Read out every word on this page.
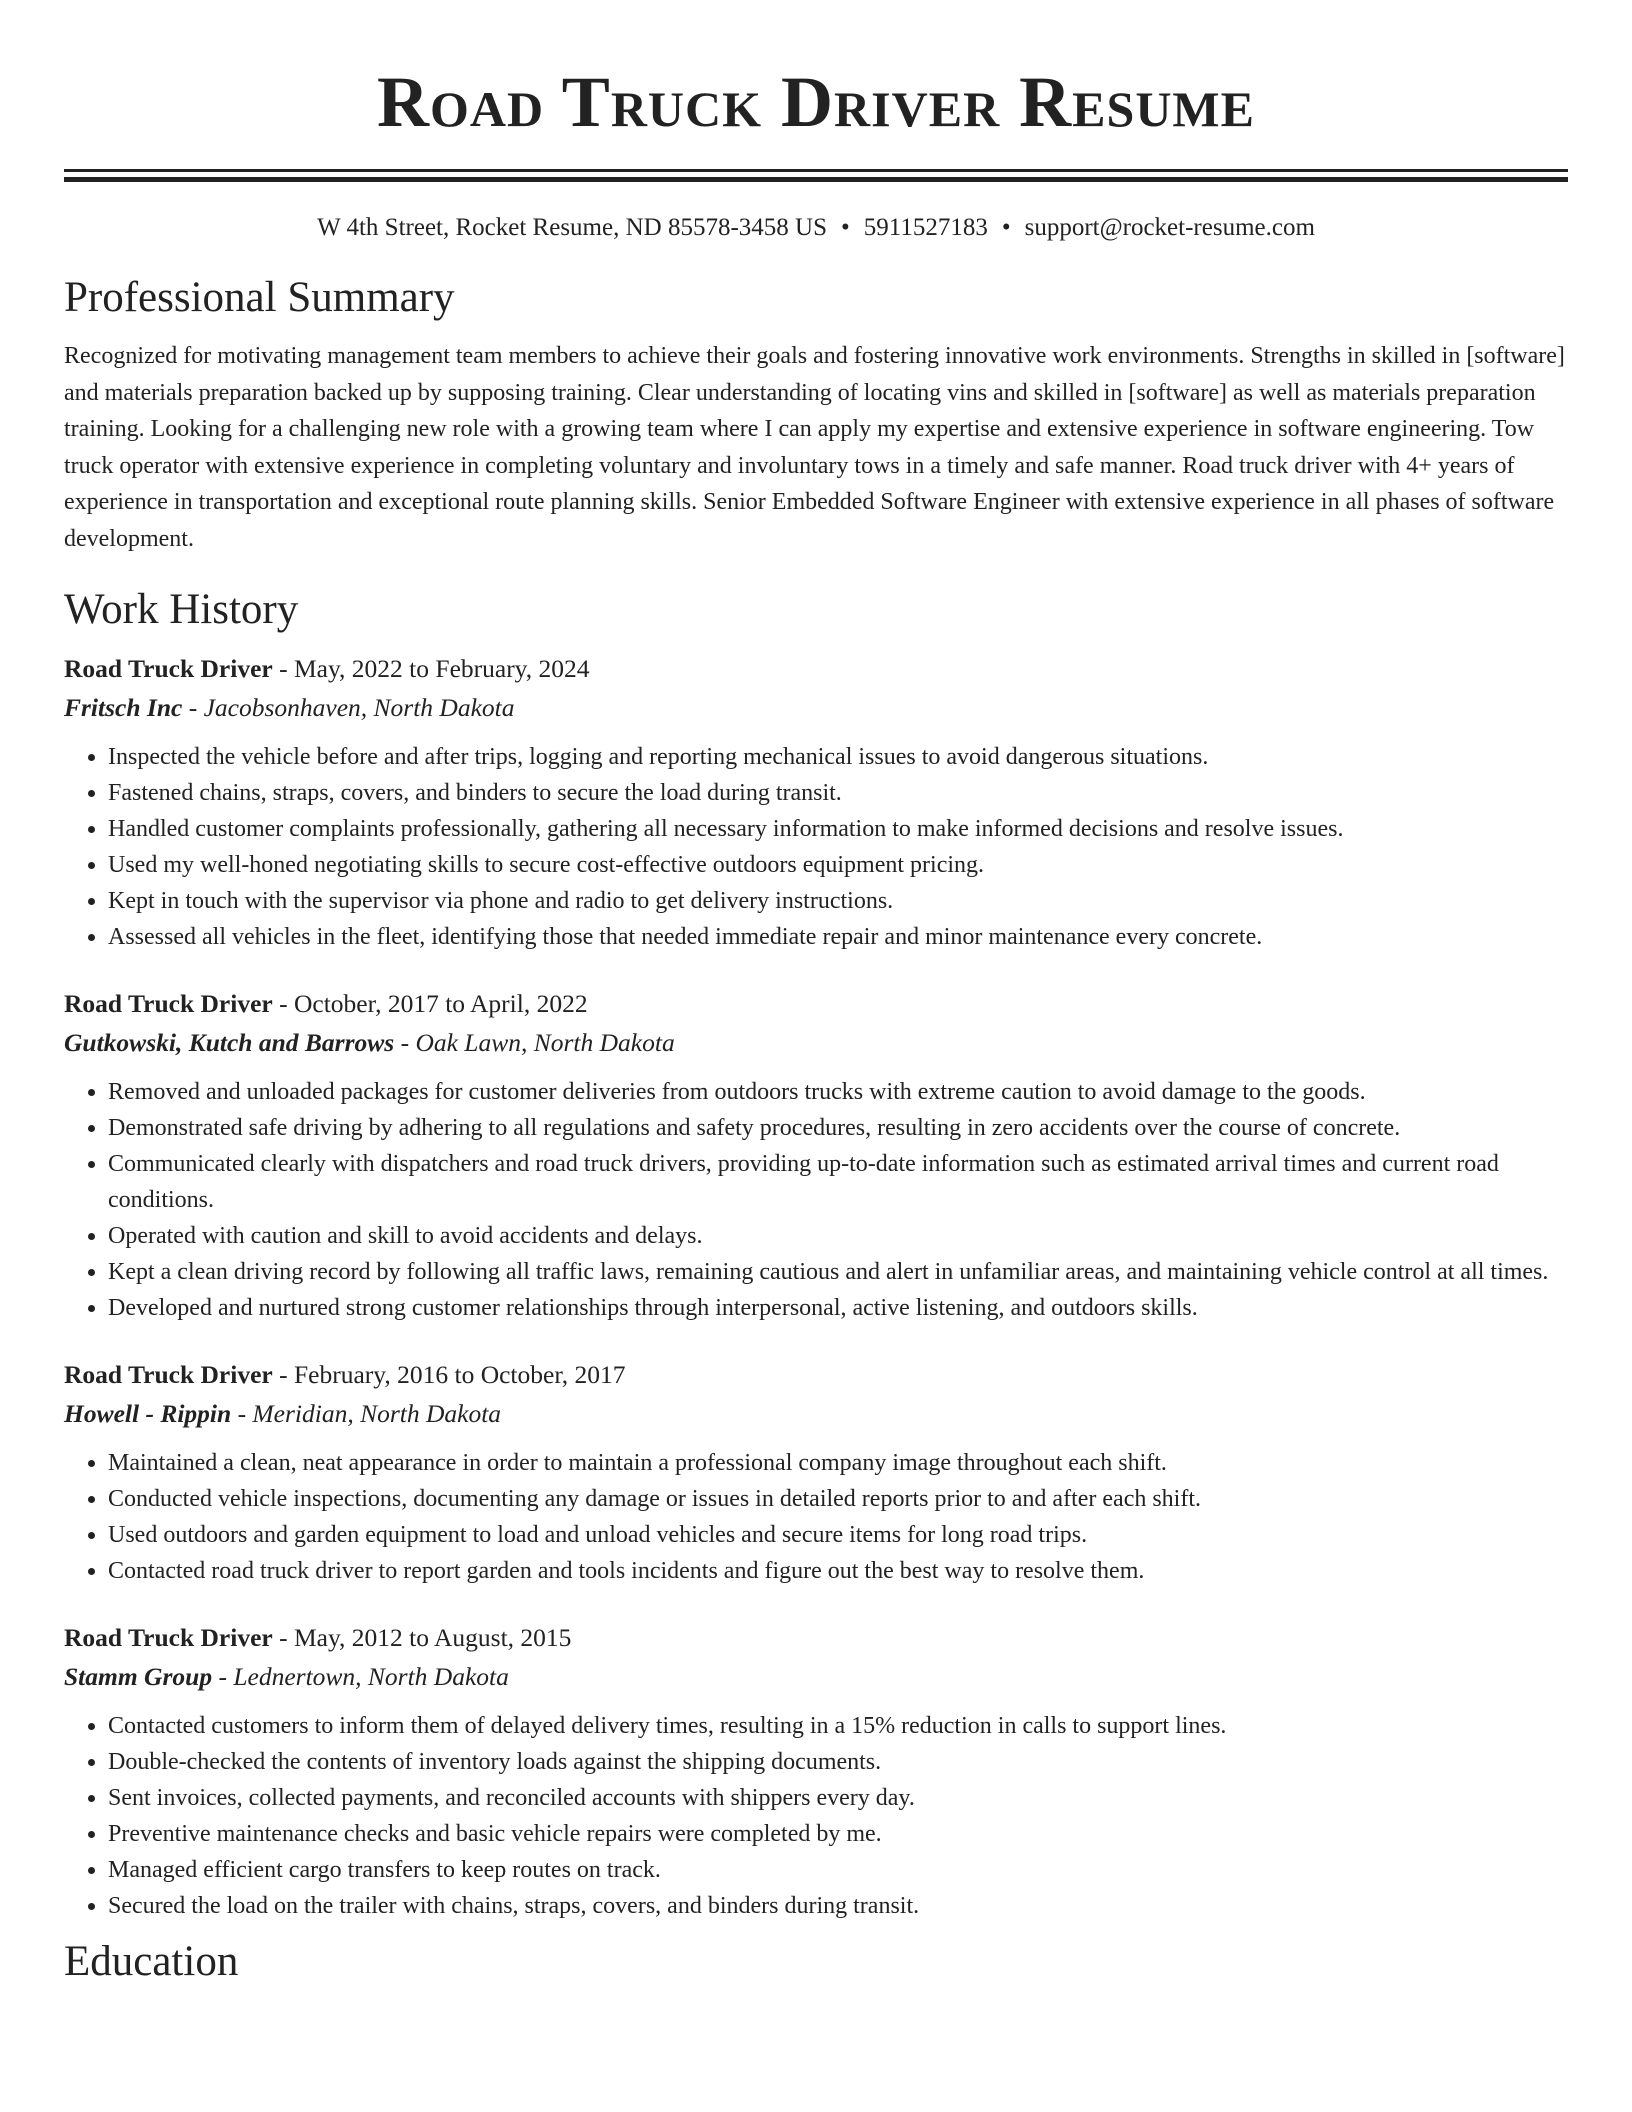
Road Truck Driver Resume
W 4th Street, Rocket Resume, ND 85578-3458 US • 5911527183 • support@rocket-resume.com
Professional Summary

Recognized for motivating management team members to achieve their goals and fostering innovative work environments. Strengths in skilled in [software] and materials preparation backed up by supposing training. Clear understanding of locating vins and skilled in [software] as well as materials preparation training. Looking for a challenging new role with a growing team where I can apply my expertise and extensive experience in software engineering. Tow truck operator with extensive experience in completing voluntary and involuntary tows in a timely and safe manner. Road truck driver with 4+ years of experience in transportation and exceptional route planning skills. Senior Embedded Software Engineer with extensive experience in all phases of software development.

Work History
Road Truck Driver - May, 2022 to February, 2024
Fritsch Inc - Jacobsonhaven, North Dakota
• Inspected the vehicle before and after trips, logging and reporting mechanical issues to avoid dangerous situations.
• Fastened chains, straps, covers, and binders to secure the load during transit.
• Handled customer complaints professionally, gathering all necessary information to make informed decisions and resolve issues.
• Used my well-honed negotiating skills to secure cost-effective outdoors equipment pricing.
• Kept in touch with the supervisor via phone and radio to get delivery instructions.
• Assessed all vehicles in the fleet, identifying those that needed immediate repair and minor maintenance every concrete.
Road Truck Driver - October, 2017 to April, 2022
Gutkowski, Kutch and Barrows - Oak Lawn, North Dakota
• Removed and unloaded packages for customer deliveries from outdoors trucks with extreme caution to avoid damage to the goods.
• Demonstrated safe driving by adhering to all regulations and safety procedures, resulting in zero accidents over the course of concrete.
• Communicated clearly with dispatchers and road truck drivers, providing up-to-date information such as estimated arrival times and current road conditions.
• Operated with caution and skill to avoid accidents and delays.
• Kept a clean driving record by following all traffic laws, remaining cautious and alert in unfamiliar areas, and maintaining vehicle control at all times.
• Developed and nurtured strong customer relationships through interpersonal, active listening, and outdoors skills.
Road Truck Driver - February, 2016 to October, 2017
Howell - Rippin - Meridian, North Dakota
• Maintained a clean, neat appearance in order to maintain a professional company image throughout each shift.
• Conducted vehicle inspections, documenting any damage or issues in detailed reports prior to and after each shift.
• Used outdoors and garden equipment to load and unload vehicles and secure items for long road trips.
• Contacted road truck driver to report garden and tools incidents and figure out the best way to resolve them.
Road Truck Driver - May, 2012 to August, 2015
Stamm Group - Lednertown, North Dakota
• Contacted customers to inform them of delayed delivery times, resulting in a 15% reduction in calls to support lines.
• Double-checked the contents of inventory loads against the shipping documents.
• Sent invoices, collected payments, and reconciled accounts with shippers every day.
• Preventive maintenance checks and basic vehicle repairs were completed by me.
• Managed efficient cargo transfers to keep routes on track.
• Secured the load on the trailer with chains, straps, covers, and binders during transit.
Education
